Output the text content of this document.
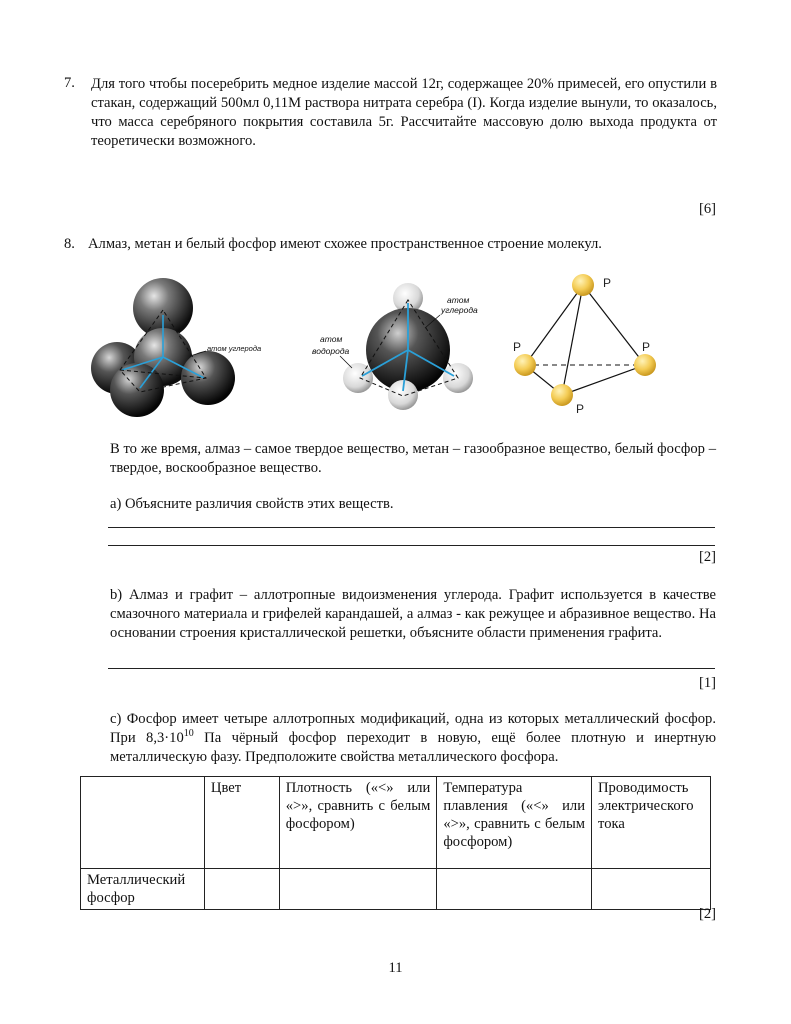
7. Для того чтобы посеребрить медное изделие массой 12г, содержащее 20% примесей, его опустили в стакан, содержащий 500мл 0,11М раствора нитрата серебра (I). Когда изделие вынули, то оказалось, что масса серебряного покрытия составила 5г. Рассчитайте массовую долю выхода продукта от теоретически возможного.
[6]
8. Алмаз, метан и белый фосфор имеют схожее пространственное строение молекул.
атом углерода
атом
углерода
атом
водорода
P
P	P
P
В то же время, алмаз – самое твердое вещество, метан – газообразное вещество, белый фосфор – твердое, воскообразное вещество.
а) Объясните различия свойств этих веществ.
[2]
b) Алмаз и графит – аллотропные видоизменения углерода. Графит используется в качестве смазочного материала и грифелей карандашей, а алмаз - как режущее и абразивное вещество. На основании строения кристаллической решетки, объясните области применения графита.
[1]
c) Фосфор имеет четыре аллотропных модификаций, одна из которых металлический фосфор. При $8,3\cdot 10^{10}$ Па чёрный фосфор переходит в новую, ещё более плотную и инертную металлическую фазу. Предположите свойства металлического фосфора.
	Цвет	Плотность («<» или «>», сравнить с белым фосфором)	Температура плавления («<» или «>», сравнить с белым фосфором)	Проводимость электрического тока
Металлический фосфор				
[2]
11
